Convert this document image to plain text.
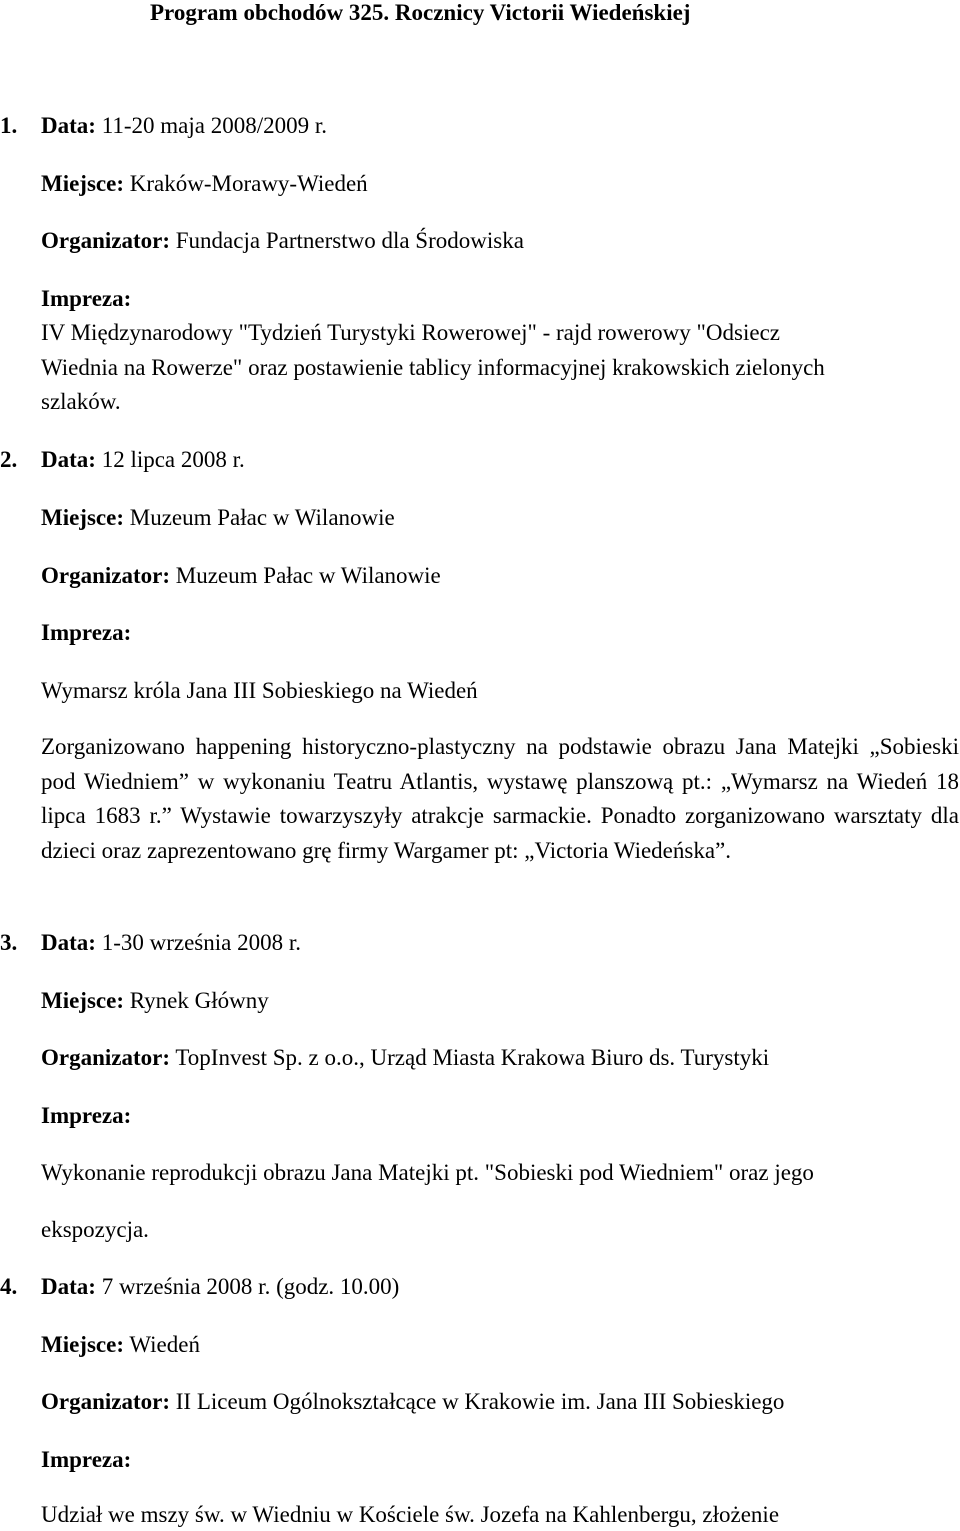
Program obchodów 325. Rocznicy Victorii Wiedeńskiej
1. Data: 11-20 maja 2008/2009 r.
Miejsce: Kraków-Morawy-Wiedeń
Organizator: Fundacja Partnerstwo dla Środowiska
Impreza:
IV Międzynarodowy "Tydzień Turystyki Rowerowej" - rajd rowerowy "Odsiecz
Wiednia na Rowerze" oraz postawienie tablicy informacyjnej krakowskich zielonych
szlaków.
2. Data: 12 lipca 2008 r.
Miejsce: Muzeum Pałac w Wilanowie
Organizator: Muzeum Pałac w Wilanowie
Impreza:
Wymarsz króla Jana III Sobieskiego na Wiedeń
Zorganizowano happening historyczno-plastyczny na podstawie obrazu Jana Matejki „Sobieski pod Wiedniem” w wykonaniu Teatru Atlantis, wystawę planszową pt.: „Wymarsz na Wiedeń 18 lipca 1683 r.” Wystawie towarzyszyły atrakcje sarmackie. Ponadto zorganizowano warsztaty dla dzieci oraz zaprezentowano grę firmy Wargamer pt: „Victoria Wiedeńska”.
3. Data: 1-30 września 2008 r.
Miejsce: Rynek Główny
Organizator: TopInvest Sp. z o.o., Urząd Miasta Krakowa Biuro ds. Turystyki
Impreza:
Wykonanie reprodukcji obrazu Jana Matejki pt. "Sobieski pod Wiedniem" oraz jego
ekspozycja.
4. Data: 7 września 2008 r. (godz. 10.00)
Miejsce: Wiedeń
Organizator: II Liceum Ogólnokształcące w Krakowie im. Jana III Sobieskiego
Impreza:
Udział we mszy św. w Wiedniu w Kościele św. Jozefa na Kahlenbergu, złożenie
